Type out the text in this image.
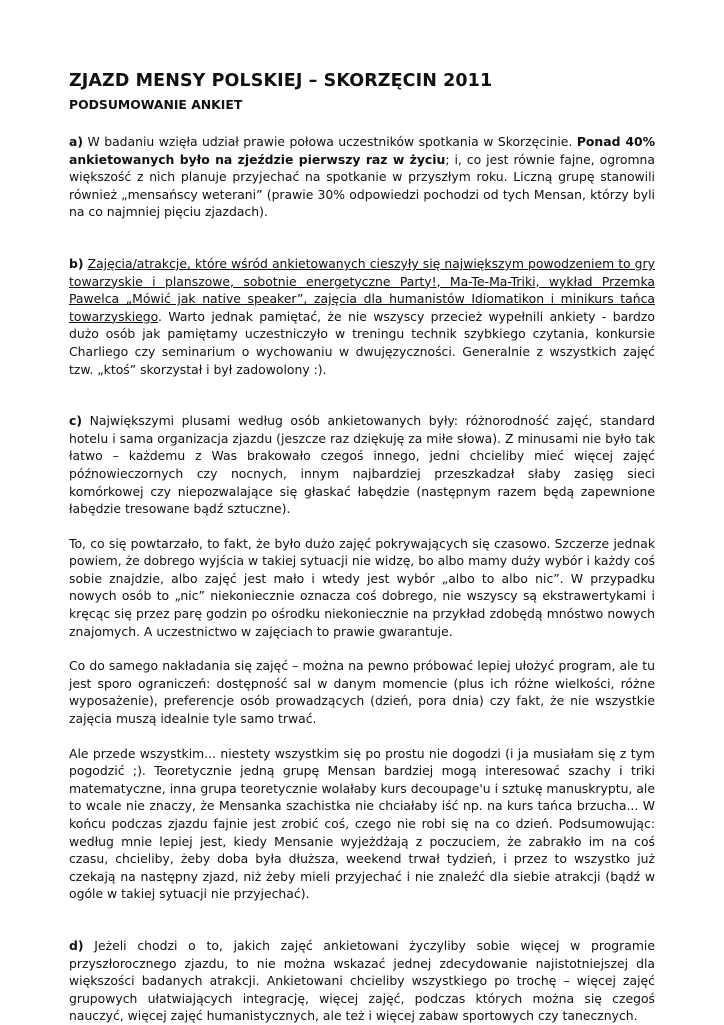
ZJAZD MENSY POLSKIEJ – SKORZĘCIN 2011
PODSUMOWANIE ANKIET

a) W badaniu wzięła udział prawie połowa uczestników spotkania w Skorzęcinie. Ponad 40% ankietowanych było na zjeździe pierwszy raz w życiu; i, co jest równie fajne, ogromna większość z nich planuje przyjechać na spotkanie w przyszłym roku. Liczną grupę stanowili również „mensańscy weterani” (prawie 30% odpowiedzi pochodzi od tych Mensan, którzy byli na co najmniej pięciu zjazdach).

b) Zajęcia/atrakcje, które wśród ankietowanych cieszyły się największym powodzeniem to gry towarzyskie i planszowe, sobotnie energetyczne Party!, Ma-Te-Ma-Triki, wykład Przemka Pawelca „Mówić jak native speaker”, zajęcia dla humanistów Idiomatikon i minikurs tańca towarzyskiego. Warto jednak pamiętać, że nie wszyscy przecież wypełnili ankiety - bardzo dużo osób jak pamiętamy uczestniczyło w treningu technik szybkiego czytania, konkursie Charliego czy seminarium o wychowaniu w dwujęzyczności. Generalnie z wszystkich zajęć tzw. „ktoś” skorzystał i był zadowolony :).

c) Największymi plusami według osób ankietowanych były: różnorodność zajęć, standard hotelu i sama organizacja zjazdu (jeszcze raz dziękuję za miłe słowa). Z minusami nie było tak łatwo – każdemu z Was brakowało czegoś innego, jedni chcieliby mieć więcej zajęć późnowieczornych czy nocnych, innym najbardziej przeszkadzał słaby zasięg sieci komórkowej czy niepozwalające się głaskać łabędzie (następnym razem będą zapewnione łabędzie tresowane bądź sztuczne).

To, co się powtarzało, to fakt, że było dużo zajęć pokrywających się czasowo. Szczerze jednak powiem, że dobrego wyjścia w takiej sytuacji nie widzę, bo albo mamy duży wybór i każdy coś sobie znajdzie, albo zajęć jest mało i wtedy jest wybór „albo to albo nic”. W przypadku nowych osób to „nic” niekoniecznie oznacza coś dobrego, nie wszyscy są ekstrawertykami i kręcąc się przez parę godzin po ośrodku niekoniecznie na przykład zdobędą mnóstwo nowych znajomych. A uczestnictwo w zajęciach to prawie gwarantuje.

Co do samego nakładania się zajęć – można na pewno próbować lepiej ułożyć program, ale tu jest sporo ograniczeń: dostępność sal w danym momencie (plus ich różne wielkości, różne wyposażenie), preferencje osób prowadzących (dzień, pora dnia) czy fakt, że nie wszystkie zajęcia muszą idealnie tyle samo trwać.

Ale przede wszystkim... niestety wszystkim się po prostu nie dogodzi (i ja musiałam się z tym pogodzić ;). Teoretycznie jedną grupę Mensan bardziej mogą interesować szachy i triki matematyczne, inna grupa teoretycznie wolałaby kurs decoupage'u i sztukę manuskryptu, ale to wcale nie znaczy, że Mensanka szachistka nie chciałaby iść np. na kurs tańca brzucha... W końcu podczas zjazdu fajnie jest zrobić coś, czego nie robi się na co dzień. Podsumowując: według mnie lepiej jest, kiedy Mensanie wyjeżdżają z poczuciem, że zabrakło im na coś czasu, chcieliby, żeby doba była dłuższa, weekend trwał tydzień, i przez to wszystko już czekają na następny zjazd, niż żeby mieli przyjechać i nie znaleźć dla siebie atrakcji (bądź w ogóle w takiej sytuacji nie przyjechać).

d) Jeżeli chodzi o to, jakich zajęć ankietowani życzyliby sobie więcej w programie przyszłorocznego zjazdu, to nie można wskazać jednej zdecydowanie najistotniejszej dla większości badanych atrakcji. Ankietowani chcieliby wszystkiego po trochę – więcej zajęć grupowych ułatwiających integrację, więcej zajęć, podczas których można się czegoś nauczyć, więcej zajęć humanistycznych, ale też i więcej zabaw sportowych czy tanecznych.
